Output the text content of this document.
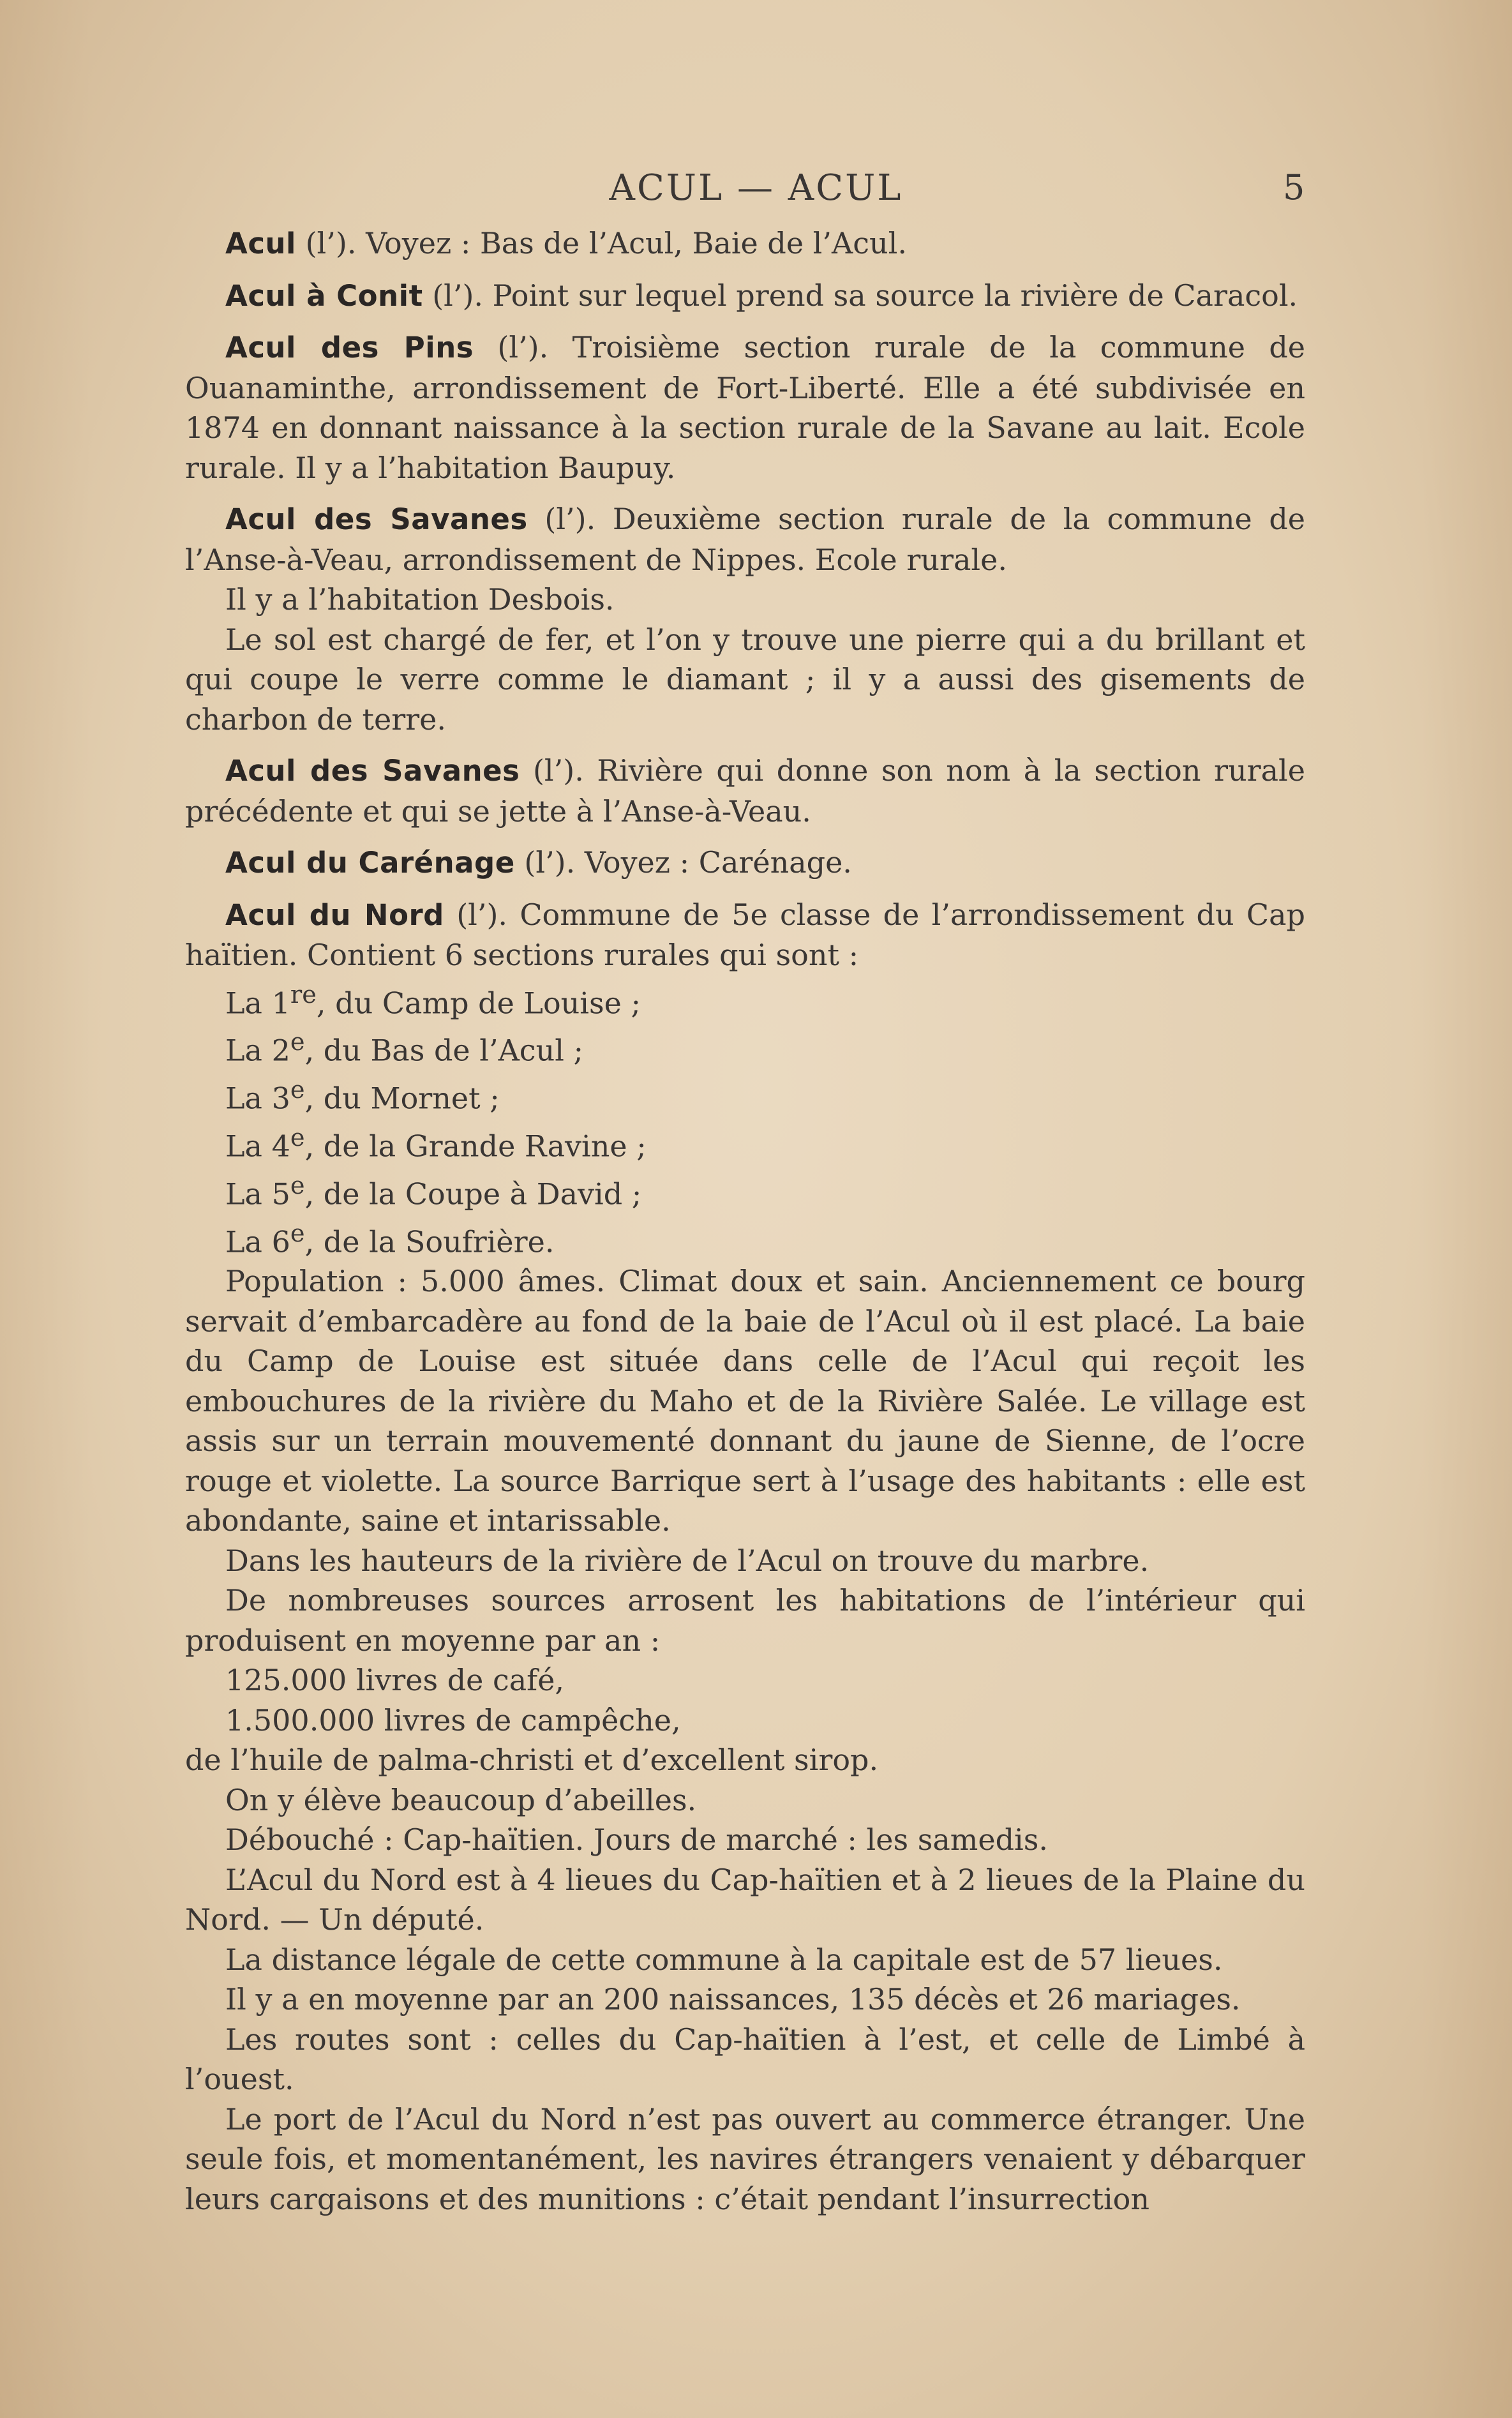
ACUL — ACUL	5

Acul (l’). Voyez : Bas de l’Acul, Baie de l’Acul.

Acul à Conit (l’). Point sur lequel prend sa source la rivière de Caracol.

Acul des Pins (l’). Troisième section rurale de la commune de Ouanaminthe, arrondissement de Fort-Liberté. Elle a été subdivisée en 1874 en donnant naissance à la section rurale de la Savane au lait. Ecole rurale. Il y a l’habitation Baupuy.

Acul des Savanes (l’). Deuxième section rurale de la commune de l’Anse-à-Veau, arrondissement de Nippes. Ecole rurale.

Il y a l’habitation Desbois.

Le sol est chargé de fer, et l’on y trouve une pierre qui a du brillant et qui coupe le verre comme le diamant ; il y a aussi des gisements de charbon de terre.

Acul des Savanes (l’). Rivière qui donne son nom à la section rurale précédente et qui se jette à l’Anse-à-Veau.

Acul du Carénage (l’). Voyez : Carénage.

Acul du Nord (l’). Commune de 5e classe de l’arrondissement du Cap haïtien. Contient 6 sections rurales qui sont :

La 1re, du Camp de Louise ;

La 2e, du Bas de l’Acul ;

La 3e, du Mornet ;

La 4e, de la Grande Ravine ;

La 5e, de la Coupe à David ;

La 6e, de la Soufrière.

Population : 5.000 âmes. Climat doux et sain. Anciennement ce bourg servait d’embarcadère au fond de la baie de l’Acul où il est placé. La baie du Camp de Louise est située dans celle de l’Acul qui reçoit les embouchures de la rivière du Maho et de la Rivière Salée. Le village est assis sur un terrain mouvementé donnant du jaune de Sienne, de l’ocre rouge et violette. La source Barrique sert à l’usage des habitants : elle est abondante, saine et intarissable.

Dans les hauteurs de la rivière de l’Acul on trouve du marbre.

De nombreuses sources arrosent les habitations de l’intérieur qui produisent en moyenne par an :

125.000 livres de café,

1.500.000 livres de campêche,

de l’huile de palma-christi et d’excellent sirop.

On y élève beaucoup d’abeilles.

Débouché : Cap-haïtien. Jours de marché : les samedis.

L’Acul du Nord est à 4 lieues du Cap-haïtien et à 2 lieues de la Plaine du Nord. — Un député.

La distance légale de cette commune à la capitale est de 57 lieues.

Il y a en moyenne par an 200 naissances, 135 décès et 26 mariages.

Les routes sont : celles du Cap-haïtien à l’est, et celle de Limbé à l’ouest.

Le port de l’Acul du Nord n’est pas ouvert au commerce étranger. Une seule fois, et momentanément, les navires étrangers venaient y débarquer leurs cargaisons et des munitions : c’était pendant l’insurrection
